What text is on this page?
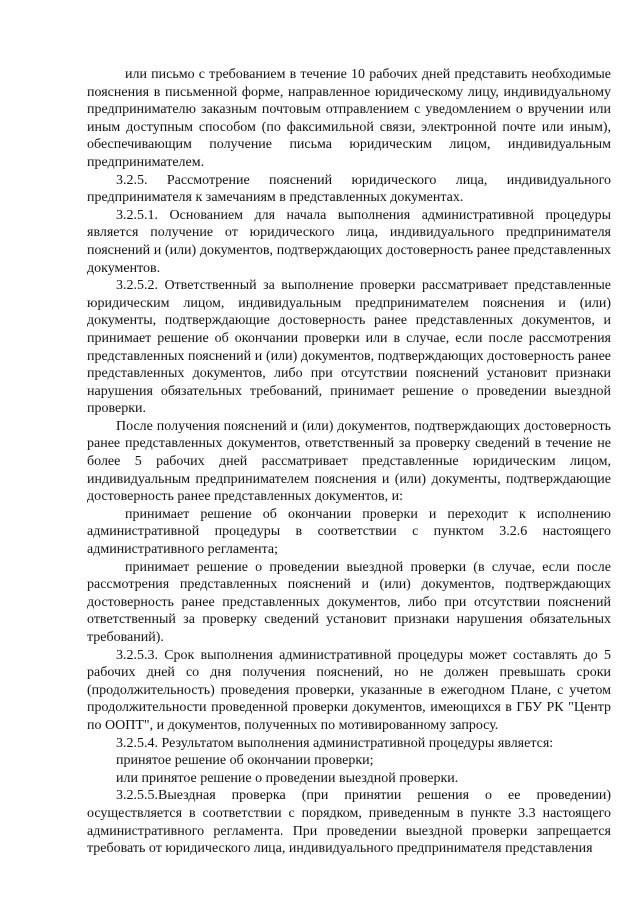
или письмо с требованием в течение 10 рабочих дней представить необходимые пояснения в письменной форме, направленное юридическому лицу, индивидуальному предпринимателю заказным почтовым отправлением с уведомлением о вручении или иным доступным способом (по факсимильной связи, электронной почте или иным), обеспечивающим получение письма юридическим лицом, индивидуальным предпринимателем.

3.2.5. Рассмотрение пояснений юридического лица, индивидуального предпринимателя к замечаниям в представленных документах.

3.2.5.1. Основанием для начала выполнения административной процедуры является получение от юридического лица, индивидуального предпринимателя пояснений и (или) документов, подтверждающих достоверность ранее представленных документов.

3.2.5.2. Ответственный за выполнение проверки рассматривает представленные юридическим лицом, индивидуальным предпринимателем пояснения и (или) документы, подтверждающие достоверность ранее представленных документов, и принимает решение об окончании проверки или в случае, если после рассмотрения представленных пояснений и (или) документов, подтверждающих достоверность ранее представленных документов, либо при отсутствии пояснений установит признаки нарушения обязательных требований, принимает решение о проведении выездной проверки.

После получения пояснений и (или) документов, подтверждающих достоверность ранее представленных документов, ответственный за проверку сведений в течение не более 5 рабочих дней рассматривает представленные юридическим лицом, индивидуальным предпринимателем пояснения и (или) документы, подтверждающие достоверность ранее представленных документов, и:

принимает решение об окончании проверки и переходит к исполнению административной процедуры в соответствии с пунктом 3.2.6 настоящего административного регламента;

принимает решение о проведении выездной проверки (в случае, если после рассмотрения представленных пояснений и (или) документов, подтверждающих достоверность ранее представленных документов, либо при отсутствии пояснений ответственный за проверку сведений установит признаки нарушения обязательных требований).

3.2.5.3. Срок выполнения административной процедуры может составлять до 5 рабочих дней со дня получения пояснений, но не должен превышать сроки (продолжительность) проведения проверки, указанные в ежегодном Плане, с учетом продолжительности проведенной проверки документов, имеющихся в ГБУ РК "Центр по ООПТ", и документов, полученных по мотивированному запросу.

3.2.5.4. Результатом выполнения административной процедуры является:

принятое решение об окончании проверки;

или принятое решение о проведении выездной проверки.

3.2.5.5.Выездная проверка (при принятии решения о ее проведении) осуществляется в соответствии с порядком, приведенным в пункте 3.3 настоящего административного регламента. При проведении выездной проверки запрещается требовать от юридического лица, индивидуального предпринимателя представления
